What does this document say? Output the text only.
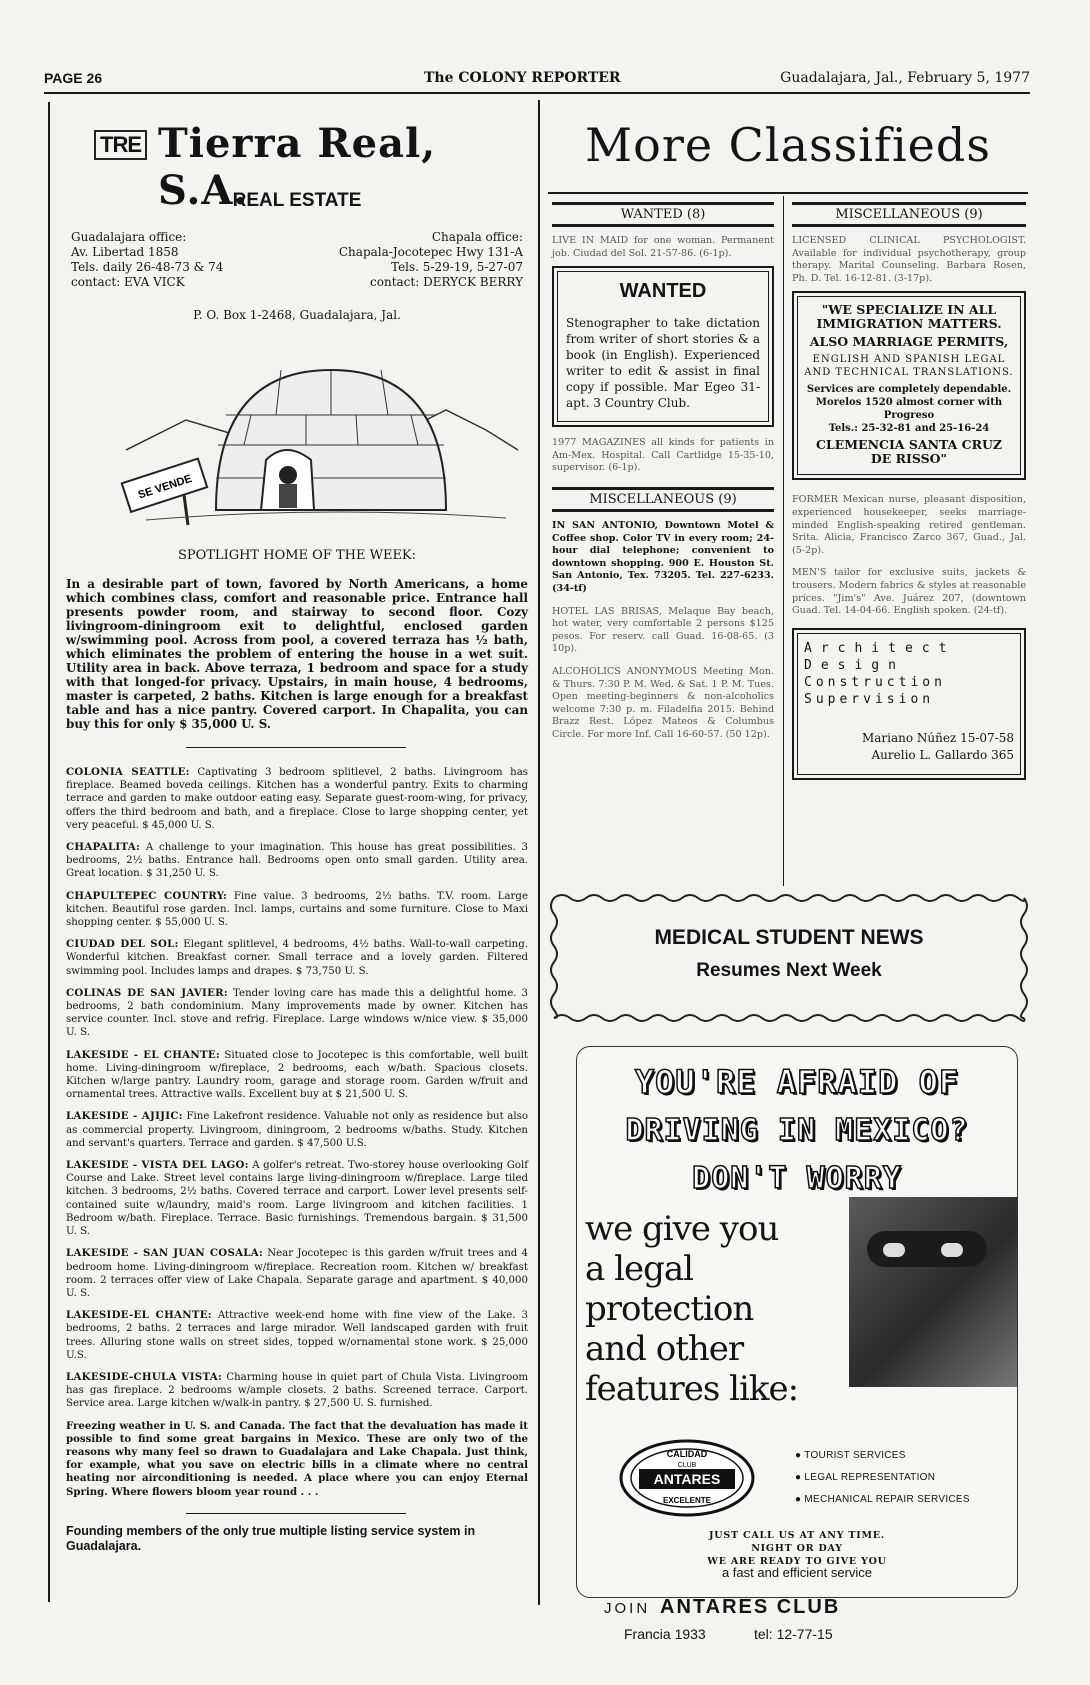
PAGE 26	The COLONY REPORTER	Guadalajara, Jal., February 5, 1977
TRE Tierra Real, S.A.
REAL ESTATE
Guadalajara office:
Av. Libertad 1858
Tels. daily 26-48-73 & 74
contact: EVA VICK
Chapala office:
Chapala-Jocotepec Hwy 131-A
Tels. 5-29-19, 5-27-07
contact: DERYCK BERRY
P. O. Box 1-2468, Guadalajara, Jal.
SE VENDE
SPOTLIGHT HOME OF THE WEEK:
In a desirable part of town, favored by North Americans, a home which combines class, comfort and reasonable price. Entrance hall presents powder room, and stairway to second floor. Cozy livingroom-diningroom exit to delightful, enclosed garden w/swimming pool. Across from pool, a covered terraza has ½ bath, which eliminates the problem of entering the house in a wet suit. Utility area in back. Above terraza, 1 bedroom and space for a study with that longed-for privacy. Upstairs, in main house, 4 bedrooms, master is carpeted, 2 baths. Kitchen is large enough for a breakfast table and has a nice pantry. Covered carport. In Chapalita, you can buy this for only $ 35,000 U. S.
COLONIA SEATTLE: Captivating 3 bedroom splitlevel, 2 baths. Livingroom has fireplace. Beamed boveda ceilings. Kitchen has a wonderful pantry. Exits to charming terrace and garden to make outdoor eating easy. Separate guest-room-wing, for privacy, offers the third bedroom and bath, and a fireplace. Close to large shopping center, yet very peaceful. $ 45,000 U. S.
CHAPALITA: A challenge to your imagination. This house has great possibilities. 3 bedrooms, 2½ baths. Entrance hall. Bedrooms open onto small garden. Utility area. Great location. $ 31,250 U. S.
CHAPULTEPEC COUNTRY: Fine value. 3 bedrooms, 2½ baths. T.V. room. Large kitchen. Beautiful rose garden. Incl. lamps, curtains and some furniture. Close to Maxi shopping center. $ 55,000 U. S.
CIUDAD DEL SOL: Elegant splitlevel, 4 bedrooms, 4½ baths. Wall-to-wall carpeting. Wonderful kitchen. Breakfast corner. Small terrace and a lovely garden. Filtered swimming pool. Includes lamps and drapes. $ 73,750 U. S.
COLINAS DE SAN JAVIER: Tender loving care has made this a delightful home. 3 bedrooms, 2 bath condominium. Many improvements made by owner. Kitchen has service counter. Incl. stove and refrig. Fireplace. Large windows w/nice view. $ 35,000 U. S.
LAKESIDE - EL CHANTE: Situated close to Jocotepec is this comfortable, well built home. Living-diningroom w/fireplace, 2 bedrooms, each w/bath. Spacious closets. Kitchen w/large pantry. Laundry room, garage and storage room. Garden w/fruit and ornamental trees. Attractive walls. Excellent buy at $ 21,500 U. S.
LAKESIDE - AJIJIC: Fine Lakefront residence. Valuable not only as residence but also as commercial property. Livingroom, diningroom, 2 bedrooms w/baths. Study. Kitchen and servant's quarters. Terrace and garden. $ 47,500 U.S.
LAKESIDE - VISTA DEL LAGO: A golfer's retreat. Two-storey house overlooking Golf Course and Lake. Street level contains large living-diningroom w/fireplace. Large tiled kitchen. 3 bedrooms, 2½ baths. Covered terrace and carport. Lower level presents self-contained suite w/laundry, maid's room. Large livingroom and kitchen facilities. 1 Bedroom w/bath. Fireplace. Terrace. Basic furnishings. Tremendous bargain. $ 31,500 U. S.
LAKESIDE - SAN JUAN COSALA: Near Jocotepec is this garden w/fruit trees and 4 bedroom home. Living-diningroom w/fireplace. Recreation room. Kitchen w/ breakfast room. 2 terraces offer view of Lake Chapala. Separate garage and apartment. $ 40,000 U. S.
LAKESIDE-EL CHANTE: Attractive week-end home with fine view of the Lake. 3 bedrooms, 2 baths. 2 terraces and large mirador. Well landscaped garden with fruit trees. Alluring stone walls on street sides, topped w/ornamental stone work. $ 25,000 U.S.
LAKESIDE-CHULA VISTA: Charming house in quiet part of Chula Vista. Livingroom has gas fireplace. 2 bedrooms w/ample closets. 2 baths. Screened terrace. Carport. Service area. Large kitchen w/walk-in pantry. $ 27,500 U. S. furnished.
Freezing weather in U. S. and Canada. The fact that the devaluation has made it possible to find some great bargains in Mexico. These are only two of the reasons why many feel so drawn to Guadalajara and Lake Chapala. Just think, for example, what you save on electric bills in a climate where no central heating nor airconditioning is needed. A place where you can enjoy Eternal Spring. Where flowers bloom year round . . .
Founding members of the only true multiple listing service system in Guadalajara.
More Classifieds
WANTED (8)
LIVE IN MAID for one woman. Permanent job. Ciudad del Sol. 21-57-86. (6-1p).
WANTED
Stenographer to take dictation from writer of short stories & a book (in English). Experienced writer to edit & assist in final copy if possible. Mar Egeo 31-apt. 3 Country Club.
1977 MAGAZINES all kinds for patients in Am-Mex. Hospital. Call Cartlidge 15-35-10, supervisor. (6-1p).
MISCELLANEOUS (9)
IN SAN ANTONIO, Downtown Motel & Coffee shop. Color TV in every room; 24-hour dial telephone; convenient to downtown shopping. 900 E. Houston St. San Antonio, Tex. 73205. Tel. 227-6233. (34-tf)
HOTEL LAS BRISAS, Melaque Bay beach, hot water, very comfortable 2 persons $125 pesos. For reserv. call Guad. 16-08-65. (3 10p).
ALCOHOLICS ANONYMOUS Meeting Mon. & Thurs. 7:30 P. M. Wed. & Sat. 1 P. M. Tues. Open meeting-beginners & non-alcoholics welcome 7:30 p. m. Filadelfia 2015. Behind Brazz Rest. López Mateos & Columbus Circle. For more Inf. Call 16-60-57. (50 12p).
MISCELLANEOUS (9)
LICENSED CLINICAL PSYCHOLOGIST. Available for individual psychotherapy, group therapy. Marital Counseling. Barbara Rosen, Ph. D. Tel. 16-12-81. (3-17p).
"WE SPECIALIZE IN ALL IMMIGRATION MATTERS.
ALSO MARRIAGE PERMITS,
ENGLISH AND SPANISH LEGAL AND TECHNICAL TRANSLATIONS.
Services are completely dependable.
Morelos 1520 almost corner with Progreso
Tels.: 25-32-81 and 25-16-24
CLEMENCIA SANTA CRUZ DE RISSO"
FORMER Mexican nurse, pleasant disposition, experienced housekeeper, seeks marriage-minded English-speaking retired gentleman. Srita. Alicia, Francisco Zarco 367, Guad., Jal. (5-2p).
MEN'S tailor for exclusive suits, jackets & trousers. Modern fabrics & styles at reasonable prices. "Jim's" Ave. Juárez 207, (downtown Guad. Tel. 14-04-66. English spoken. (24-tf).
Architect
Design
Construction
Supervision
Mariano Núñez 15-07-58
Aurelio L. Gallardo 365
MEDICAL STUDENT NEWS
Resumes Next Week
YOU'RE AFRAID OF
DRIVING IN MEXICO?
DON'T WORRY
we give you
a legal
protection
and other
features like:
CALIDAD
CLUB
ANTARES
EXCELENTE
● TOURIST SERVICES
● LEGAL REPRESENTATION
● MECHANICAL REPAIR SERVICES
JUST CALL US AT ANY TIME.
NIGHT OR DAY
WE ARE READY TO GIVE YOU
a fast and efficient service
JOIN ANTARES CLUB
Francia 1933	tel: 12-77-15
